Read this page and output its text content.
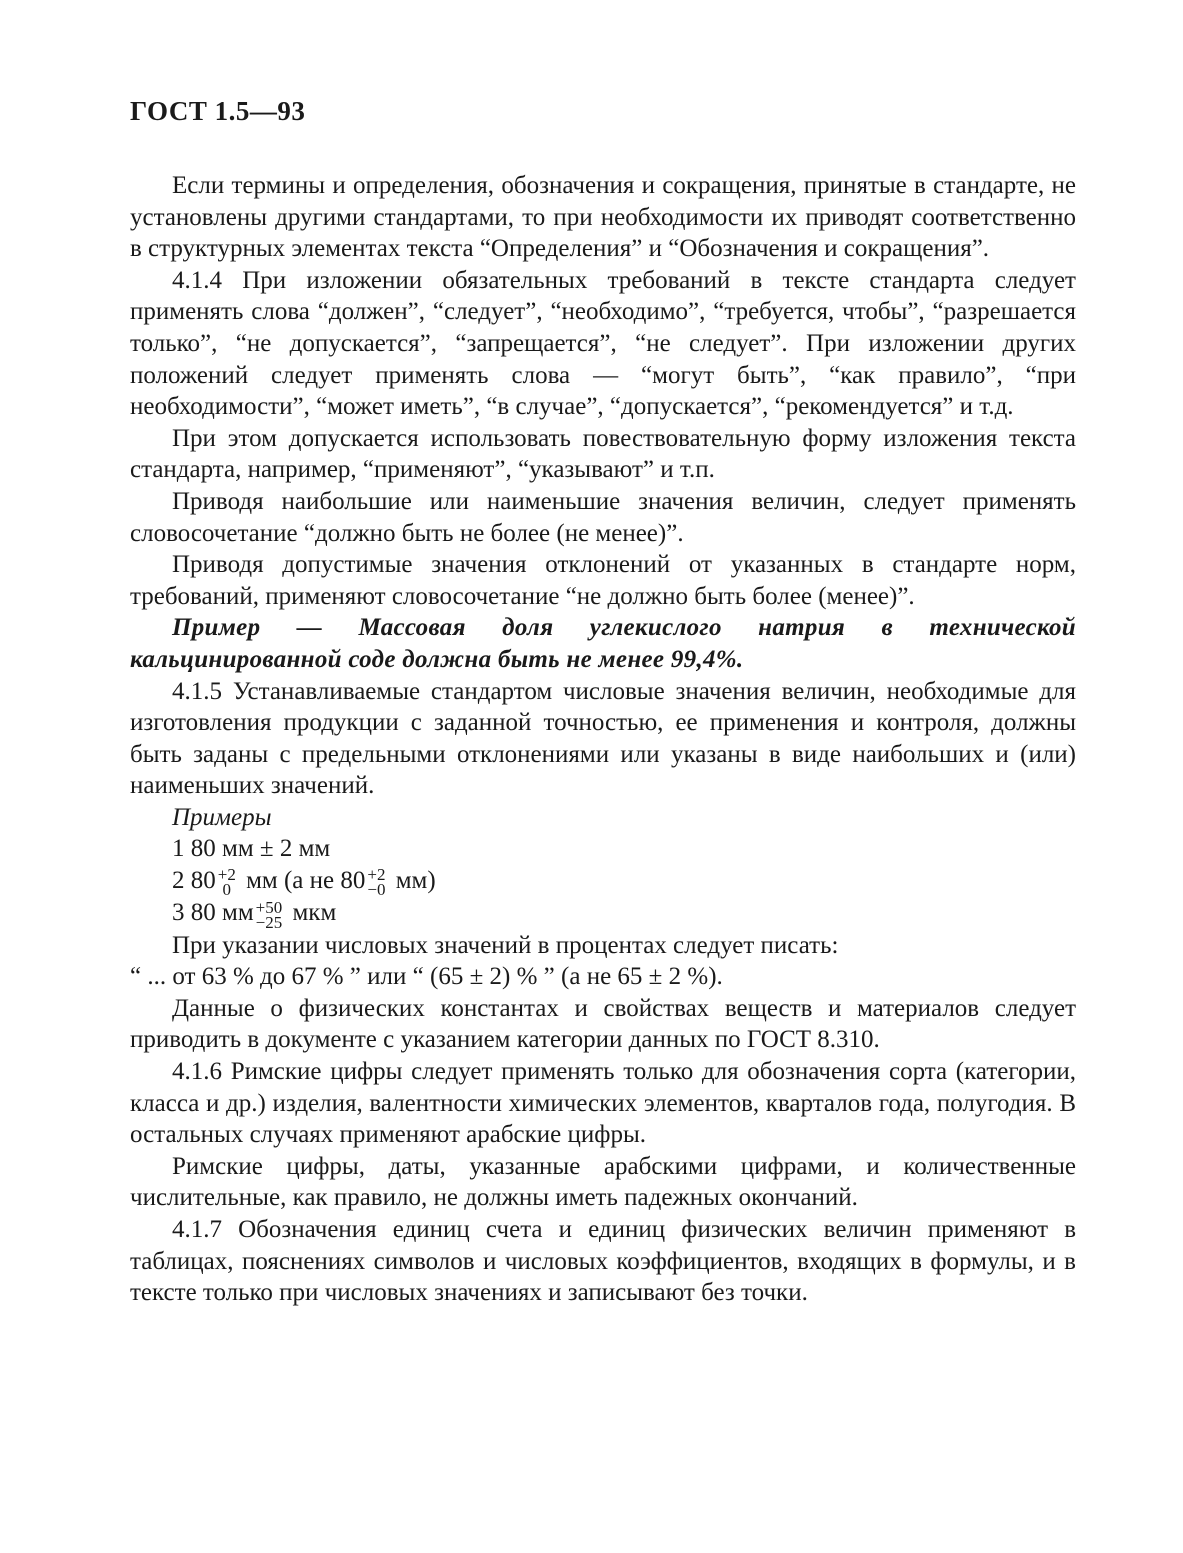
ГОСТ 1.5—93

Если термины и определения, обозначения и сокращения, принятые в стандарте, не установлены другими стандартами, то при необходимости их приводят соответственно в структурных элементах текста “Определения” и “Обозначения и сокращения”.

4.1.4 При изложении обязательных требований в тексте стандарта следует применять слова “должен”, “следует”, “необходимо”, “требуется, чтобы”, “разрешается только”, “не допускается”, “запрещается”, “не следует”. При изложении других положений следует применять слова — “могут быть”, “как правило”, “при необходимости”, “может иметь”, “в случае”, “допускается”, “рекомендуется” и т.д.

При этом допускается использовать повествовательную форму изложения текста стандарта, например, “применяют”, “указывают” и т.п.

Приводя наибольшие или наименьшие значения величин, следует применять словосочетание “должно быть не более (не менее)”.

Приводя допустимые значения отклонений от указанных в стандарте норм, требований, применяют словосочетание “не должно быть более (менее)”.

Пример — Массовая доля углекислого натрия в технической кальцинированной соде должна быть не менее 99,4%.

4.1.5 Устанавливаемые стандартом числовые значения величин, необходимые для изготовления продукции с заданной точностью, ее применения и контроля, должны быть заданы с предельными отклонениями или указаны в виде наибольших и (или) наименьших значений.

Примеры

1 80 мм ± 2 мм

2 80 +2
0 мм (а не 80 +2
−0 мм)

3 80 мм +50
−25 мкм

При указании числовых значений в процентах следует писать:

“ ... от 63 % до 67 % ” или “ (65 ± 2) % ” (а не 65 ± 2 %).

Данные о физических константах и свойствах веществ и материалов следует приводить в документе с указанием категории данных по ГОСТ 8.310.

4.1.6 Римские цифры следует применять только для обозначения сорта (категории, класса и др.) изделия, валентности химических элементов, кварталов года, полугодия. В остальных случаях применяют арабские цифры.

Римские цифры, даты, указанные арабскими цифрами, и количественные числительные, как правило, не должны иметь падежных окончаний.

4.1.7 Обозначения единиц счета и единиц физических величин применяют в таблицах, пояснениях символов и числовых коэффициентов, входящих в формулы, и в тексте только при числовых значениях и записывают без точки.
